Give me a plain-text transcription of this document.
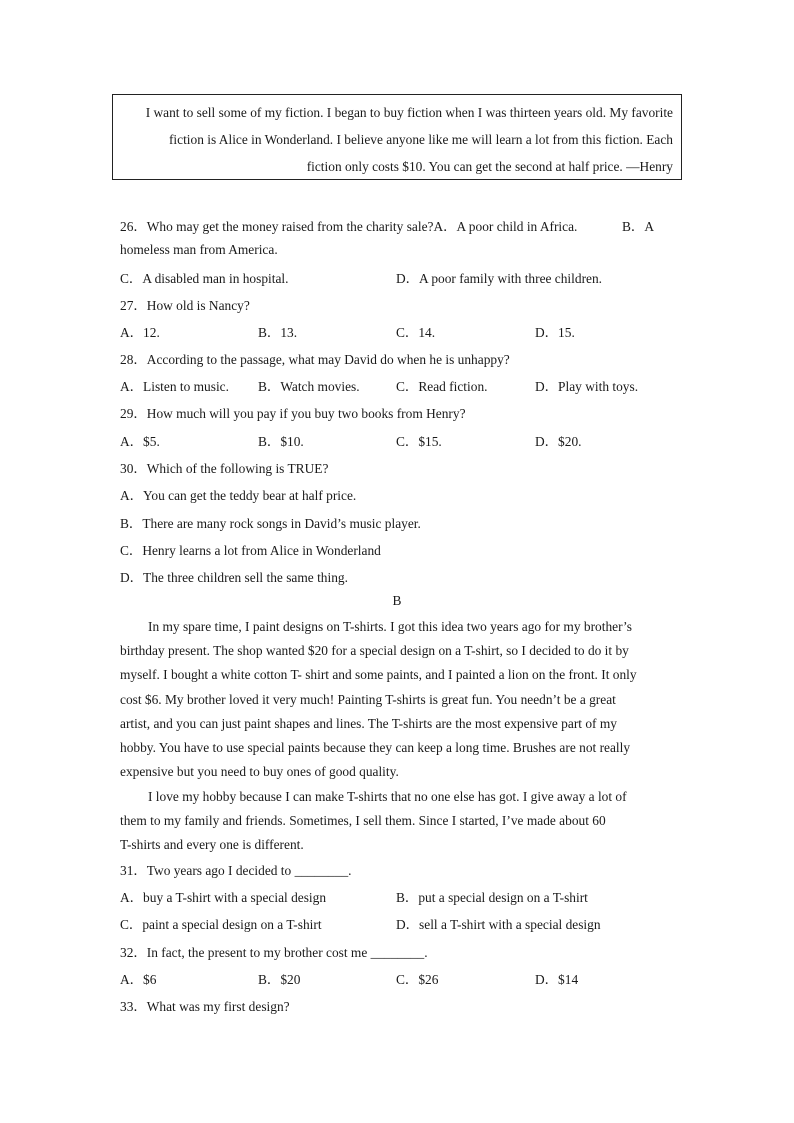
I want to sell some of my fiction. I began to buy fiction when I was thirteen years old. My favorite
fiction is Alice in Wonderland. I believe anyone like me will learn a lot from this fiction. Each
fiction only costs $10. You can get the second at half price. —Henry
26．Who may get the money raised from the charity sale?A．A poor child in Africa.	B．A
homeless man from America.
C．A disabled man in hospital.	D．A poor family with three children.
27．How old is Nancy?
A．12.	B．13.	C．14.	D．15.
28．According to the passage, what may David do when he is unhappy?
A．Listen to music. B．Watch movies.	C．Read fiction.	D．Play with toys.
29．How much will you pay if you buy two books from Henry?
A．$5.	B．$10.	C．$15.	D．$20.
30．Which of the following is TRUE?
A．You can get the teddy bear at half price.
B．There are many rock songs in David’s music player.
C．Henry learns a lot from Alice in Wonderland
D．The three children sell the same thing.
B
In my spare time, I paint designs on T-shirts. I got this idea two years ago for my brother’s
birthday present. The shop wanted $20 for a special design on a T-shirt, so I decided to do it by
myself. I bought a white cotton T- shirt and some paints, and I painted a lion on the front. It only
cost $6. My brother loved it very much! Painting T-shirts is great fun. You needn’t be a great
artist, and you can just paint shapes and lines. The T-shirts are the most expensive part of my
hobby. You have to use special paints because they can keep a long time. Brushes are not really
expensive but you need to buy ones of good quality.
I love my hobby because I can make T-shirts that no one else has got. I give away a lot of
them to my family and friends. Sometimes, I sell them. Since I started, I’ve made about 60
T-shirts and every one is different.
31．Two years ago I decided to ________.
A．buy a T-shirt with a special design	B．put a special design on a T-shirt
C．paint a special design on a T-shirt	D．sell a T-shirt with a special design
32．In fact, the present to my brother cost me ________.
A．$6	B．$20	C．$26	D．$14
33．What was my first design?
